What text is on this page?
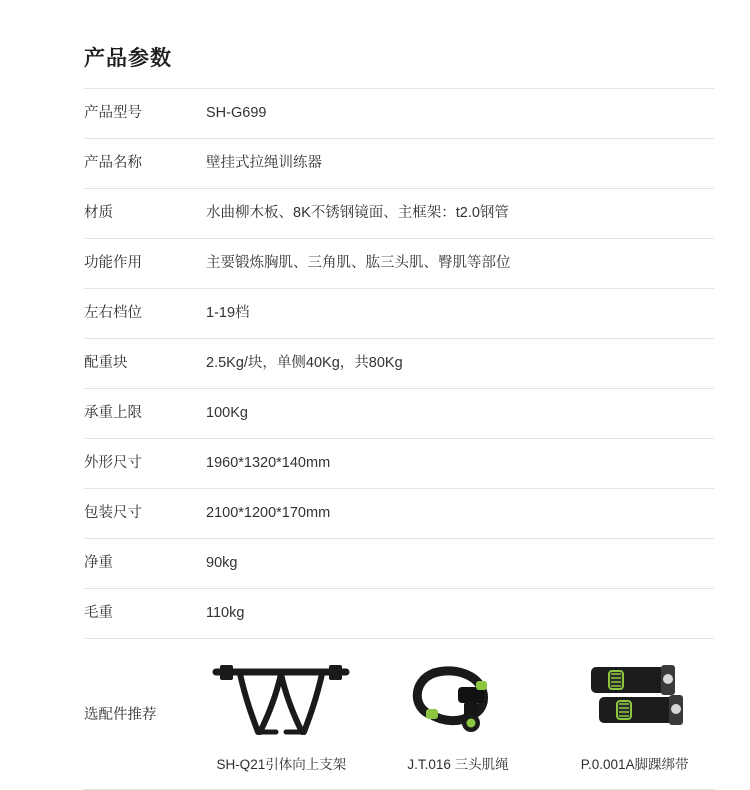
产品参数
产品型号	SH-G699
产品名称	壁挂式拉绳训练器
材质	水曲柳木板、8K不锈钢镜面、主框架：t2.0钢管
功能作用	主要锻炼胸肌、三角肌、肱三头肌、臀肌等部位
左右档位	1-19档
配重块	2.5Kg/块，单侧40Kg，共80Kg
承重上限	100Kg
外形尺寸	1960*1320*140mm
包装尺寸	2100*1200*170mm
净重	90kg
毛重	110kg
选配件推荐	SH-Q21引体向上支架 J.T.016 三头肌绳 P.0.001A脚踝绑带
